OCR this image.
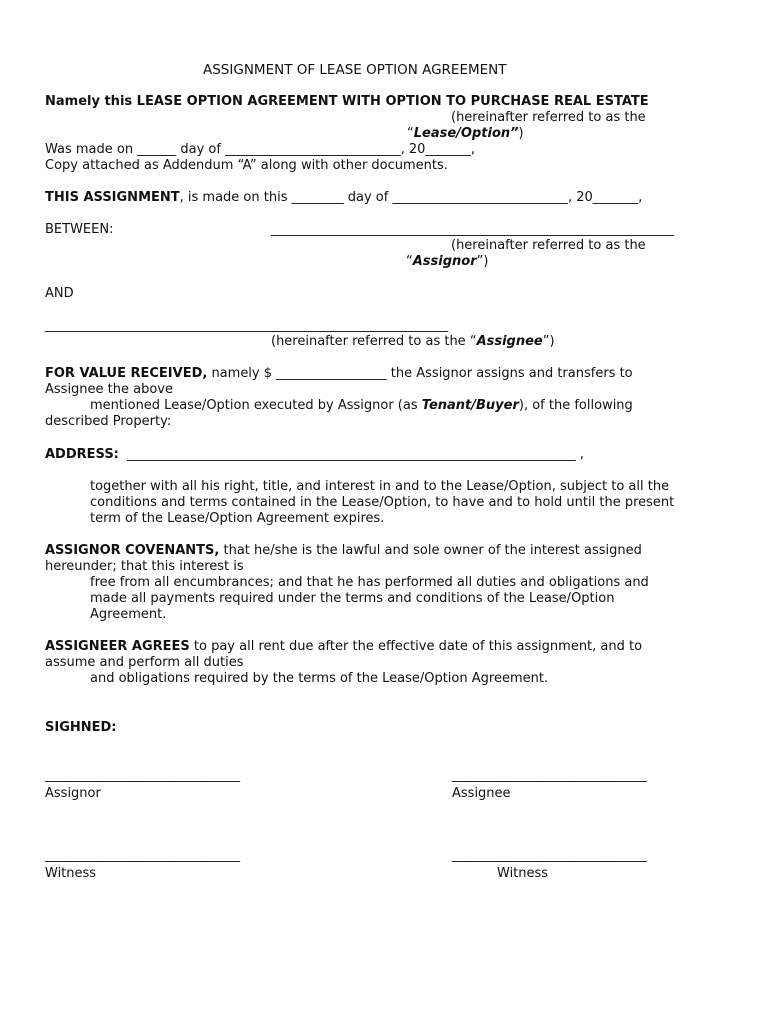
ASSIGNMENT OF LEASE OPTION AGREEMENT
Namely this LEASE OPTION AGREEMENT WITH OPTION TO PURCHASE REAL ESTATE
(hereinafter referred to as the
“Lease/Option”)
Was made on ______ day of ___________________________, 20_______,
Copy attached as Addendum “A” along with other documents.
THIS ASSIGNMENT, is made on this ________ day of ___________________________, 20_______,
BETWEEN:	______________________________________________________________
(hereinafter referred to as the
“Assignor”)
AND
______________________________________________________________
(hereinafter referred to as the “Assignee”)
FOR VALUE RECEIVED, namely $ _________________ the Assignor assigns and transfers to
Assignee the above
mentioned Lease/Option executed by Assignor (as Tenant/Buyer), of the following
described Property:
ADDRESS:  _____________________________________________________________________ ,
together with all his right, title, and interest in and to the Lease/Option, subject to all the
conditions and terms contained in the Lease/Option, to have and to hold until the present
term of the Lease/Option Agreement expires.
ASSIGNOR COVENANTS, that he/she is the lawful and sole owner of the interest assigned
hereunder; that this interest is
free from all encumbrances; and that he has performed all duties and obligations and
made all payments required under the terms and conditions of the Lease/Option
Agreement.
ASSIGNEER AGREES to pay all rent due after the effective date of this assignment, and to
assume and perform all duties
and obligations required by the terms of the Lease/Option Agreement.
SIGHNED:
______________________________	______________________________
Assignor	Assignee
______________________________	______________________________
Witness	Witness
